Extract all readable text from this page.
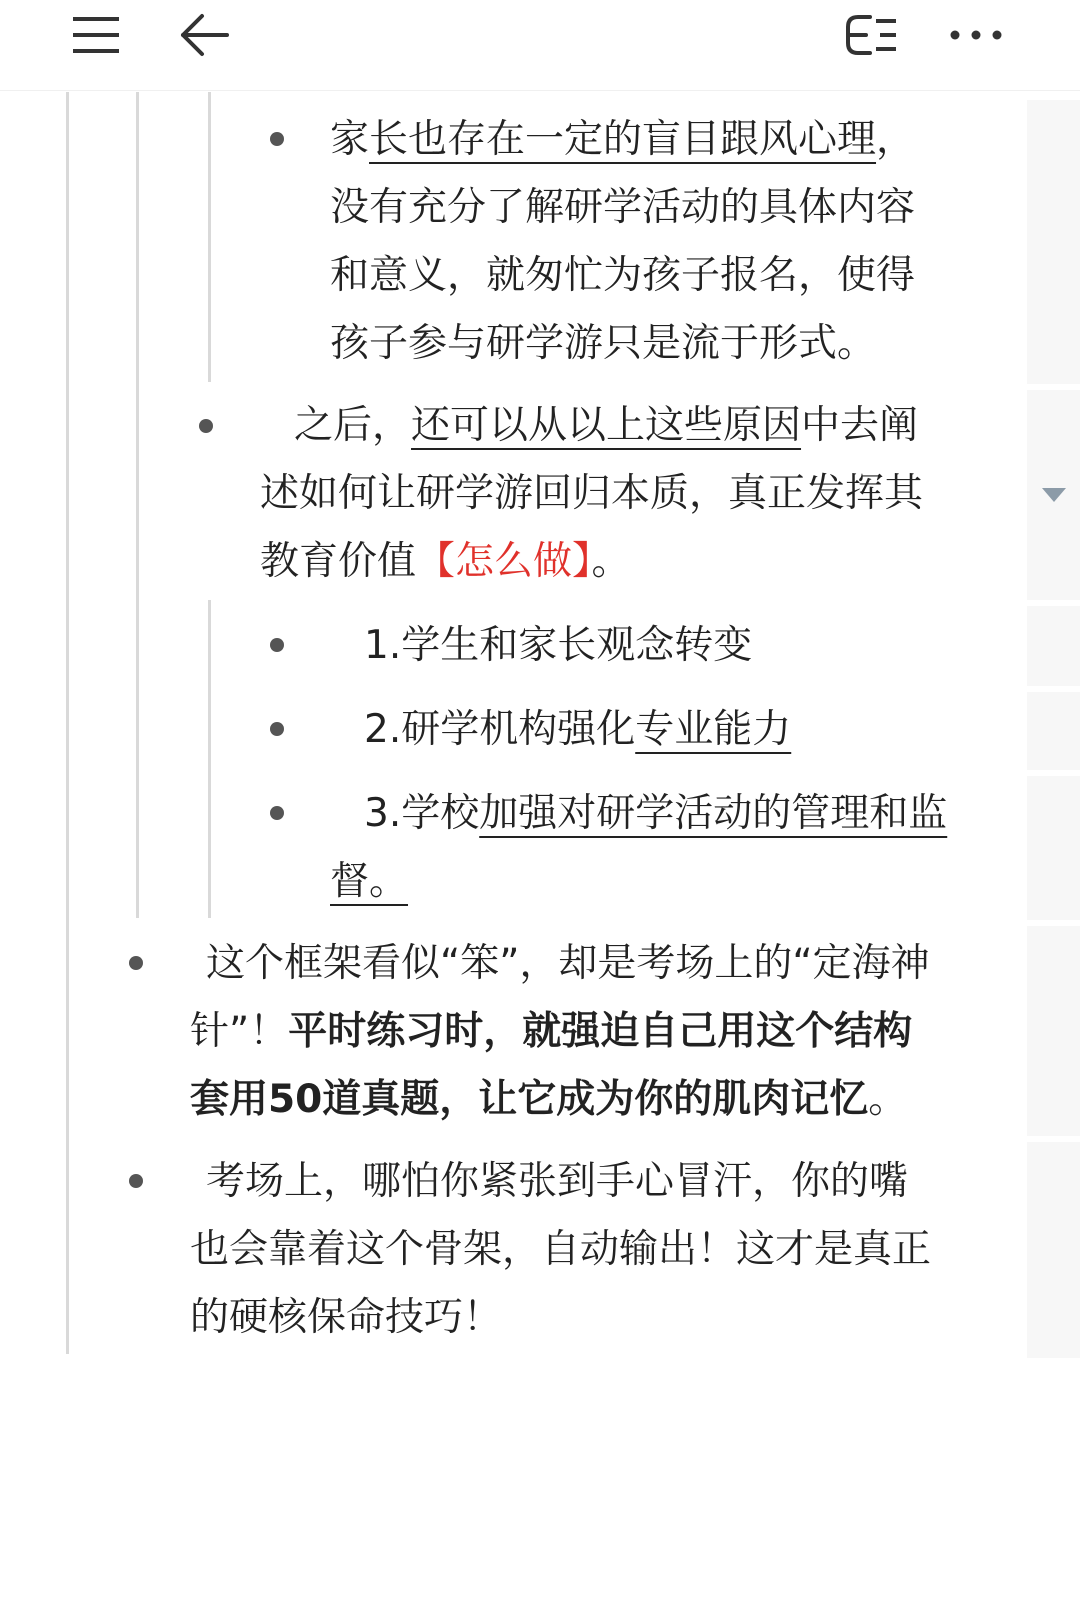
家长也存在一定的盲目跟风心理，
没有充分了解研学活动的具体内容
和意义，就匆忙为孩子报名，使得
孩子参与研学游只是流于形式。
之后，还可以从以上这些原因中去阐
述如何让研学游回归本质，真正发挥其
教育价值【怎么做】。
1.学生和家长观念转变
2.研学机构强化专业能力
3.学校加强对研学活动的管理和监
督。
这个框架看似“笨”，却是考场上的“定海神
针”！平时练习时，就强迫自己用这个结构
套用50道真题，让它成为你的肌肉记忆。
考场上，哪怕你紧张到手心冒汗，你的嘴
也会靠着这个骨架，自动输出！这才是真正
的硬核保命技巧！
